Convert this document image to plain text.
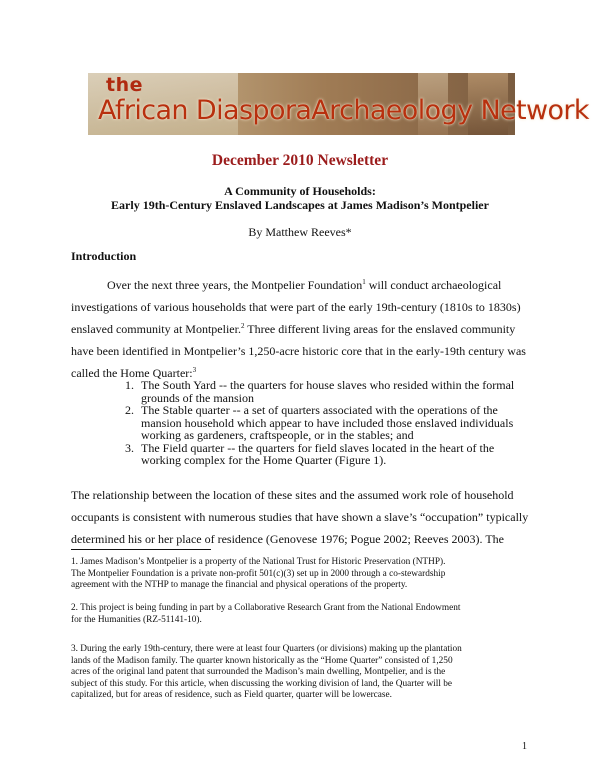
the
African DiasporaArchaeology Network
December 2010 Newsletter
A Community of Households:
Early 19th-Century Enslaved Landscapes at James Madison’s Montpelier
By Matthew Reeves*
Introduction

Over the next three years, the Montpelier Foundation$^1$ will conduct archaeological

investigations of various households that were part of the early 19th-century (1810s to 1830s)

enslaved community at Montpelier.$^2$ Three different living areas for the enslaved community

have been identified in Montpelier’s 1,250-acre historic core that in the early-19th century was

called the Home Quarter:$^3$

1. The South Yard -- the quarters for house slaves who resided within the formal
grounds of the mansion
2. The Stable quarter -- a set of quarters associated with the operations of the
mansion household which appear to have included those enslaved individuals
working as gardeners, craftspeople, or in the stables; and
3. The Field quarter -- the quarters for field slaves located in the heart of the
working complex for the Home Quarter (Figure 1).

The relationship between the location of these sites and the assumed work role of household

occupants is consistent with numerous studies that have shown a slave’s “occupation” typically

determined his or her place of residence (Genovese 1976; Pogue 2002; Reeves 2003). The

1. James Madison’s Montpelier is a property of the National Trust for Historic Preservation (NTHP).
The Montpelier Foundation is a private non-profit 501(c)(3) set up in 2000 through a co-stewardship
agreement with the NTHP to manage the financial and physical operations of the property.
2. This project is being funding in part by a Collaborative Research Grant from the National Endowment
for the Humanities (RZ-51141-10).
3. During the early 19th-century, there were at least four Quarters (or divisions) making up the plantation
lands of the Madison family. The quarter known historically as the “Home Quarter” consisted of 1,250
acres of the original land patent that surrounded the Madison’s main dwelling, Montpelier, and is the
subject of this study. For this article, when discussing the working division of land, the Quarter will be
capitalized, but for areas of residence, such as Field quarter, quarter will be lowercase.
1
